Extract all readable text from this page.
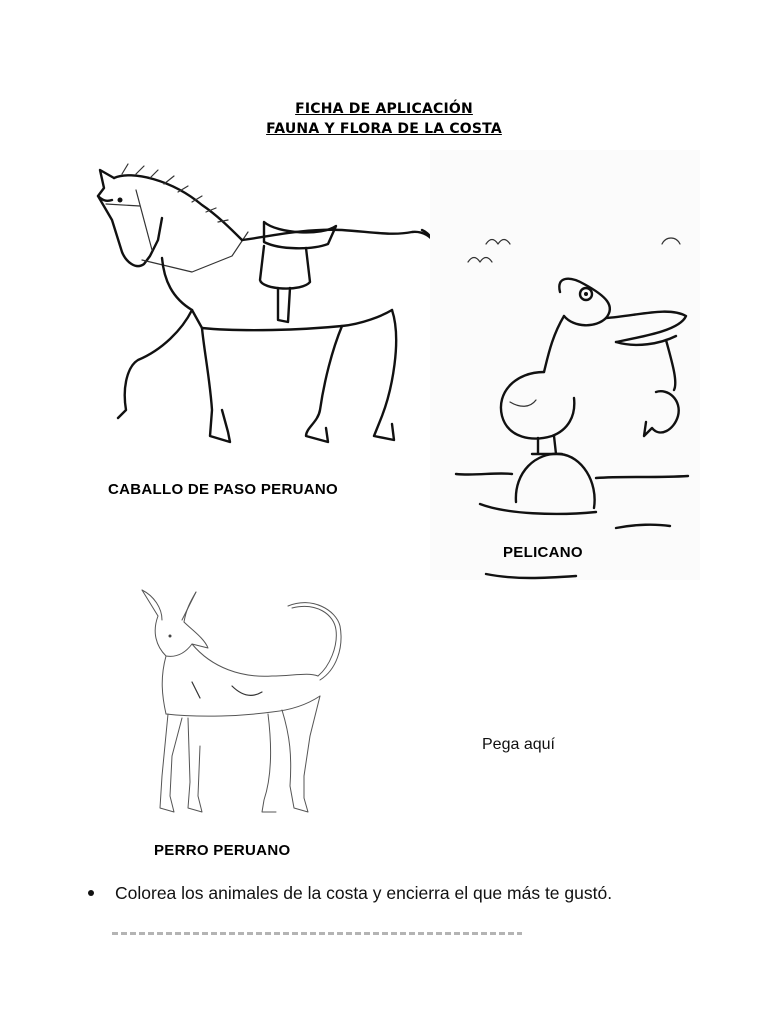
FICHA DE APLICACIÓN
FAUNA Y FLORA DE LA COSTA
CABALLO DE PASO PERUANO
PELICANO
PERRO PERUANO
Pega aquí
Colorea los animales de la costa y encierra el que más te gustó.
